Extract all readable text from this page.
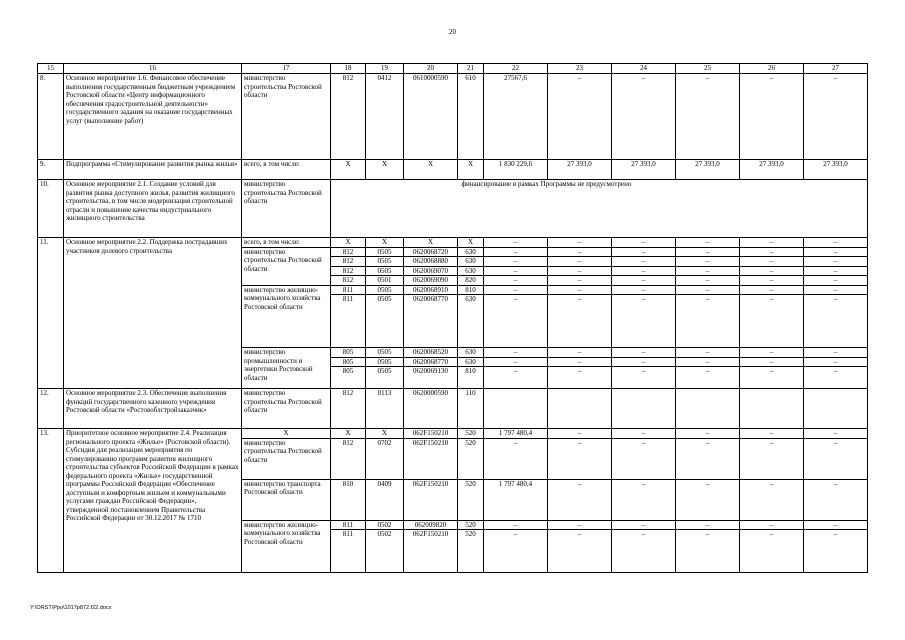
20
15	16	17	18	19	20	21	22	23	24	25	26	27
8.	Основное мероприятие 1.6. Финансовое обеспечение выполнения государственным бюджетным учреждением Ростовской области «Центр информационного обеспечения градостроительной деятельности» государственного задания на оказание государственных услуг (выполнение работ)	министерство строительства Ростовской области	812	0412	0610000590	610	27567,6	–	–	–	–	–
9.	Подпрограмма «Стимулирование развития рынка жилья»	всего, в том числе:	X	X	X	X	1 830 229,6	27 393,0	27 393,0	27 393,0	27 393,0	27 393,0
10.	Основное мероприятие 2.1. Создание условий для развития рынка доступного жилья, развития жилищного строительства, в том числе модернизация строительной отрасли и повышение качества индустриального жилищного строительства	министерство строительства Ростовской области				финансирование в рамках Программы не предусмотрено						
11.	Основное мероприятие 2.2. Поддержка пострадавших участников долевого строительства	всего, в том числе:	X	X	X	X	–	–	–	–	–	–
		министерство строительства Ростовской области	812	0505	0620068720	630	–	–	–	–	–	–
			812	0505	0620068880	630	–	–	–	–	–	–
			812	0505	0620069070	630	–	–	–	–	–	–
			812	0501	0620069090	820	–	–	–	–	–	–
		министерство жилищно-коммунального хозяйства Ростовской области	811	0505	0620068910	810	–	–	–	–	–	–
			811	0505	0620068770	630	–	–	–	–	–	–
		министерство промышленности и энергетики Ростовской области	805	0505	0620068520	630	–	–	–	–	–	–
			805	0505	0620068770	630	–	–	–	–	–	–
			805	0505	0620069130	810	–	–	–	–	–	–
12.	Основное мероприятие 2.3. Обеспечение выполнения функций государственного казенного учреждения Ростовской области «Ростовоблстройзаказчик»	министерство строительства Ростовской области	812	0113	0620000590	110						
13.	Приоритетное основное мероприятие 2.4. Реализация регионального проекта «Жилье» (Ростовской области). Субсидия для реализации мероприятия по стимулированию программ развития жилищного строительства субъектов Российской Федерации в рамках федерального проекта «Жилье» государственной программы Российской Федерации «Обеспечение доступным и комфортным жильем и коммунальными услугами граждан Российской Федерации», утвержденной постановлением Правительства Российской Федерации от 30.12.2017 № 1710	X	X	X	062F150210	520	1 797 480,4	–	–	–	–	–
		министерство строительства Ростовской области	812	0702	062F150210	520	–	–	–	–	–	–
		министерство транспорта Ростовской области	810	0409	062F150210	520	1 797 480,4	–	–	–	–	–
		министерство жилищно-коммунального хозяйства Ростовской области	811	0502	062009820	520	–	–	–	–	–	–
			811	0502	062F150210	520	–	–	–	–	–	–
Y:\ORST\Ppo\1017p872.f22.docx
